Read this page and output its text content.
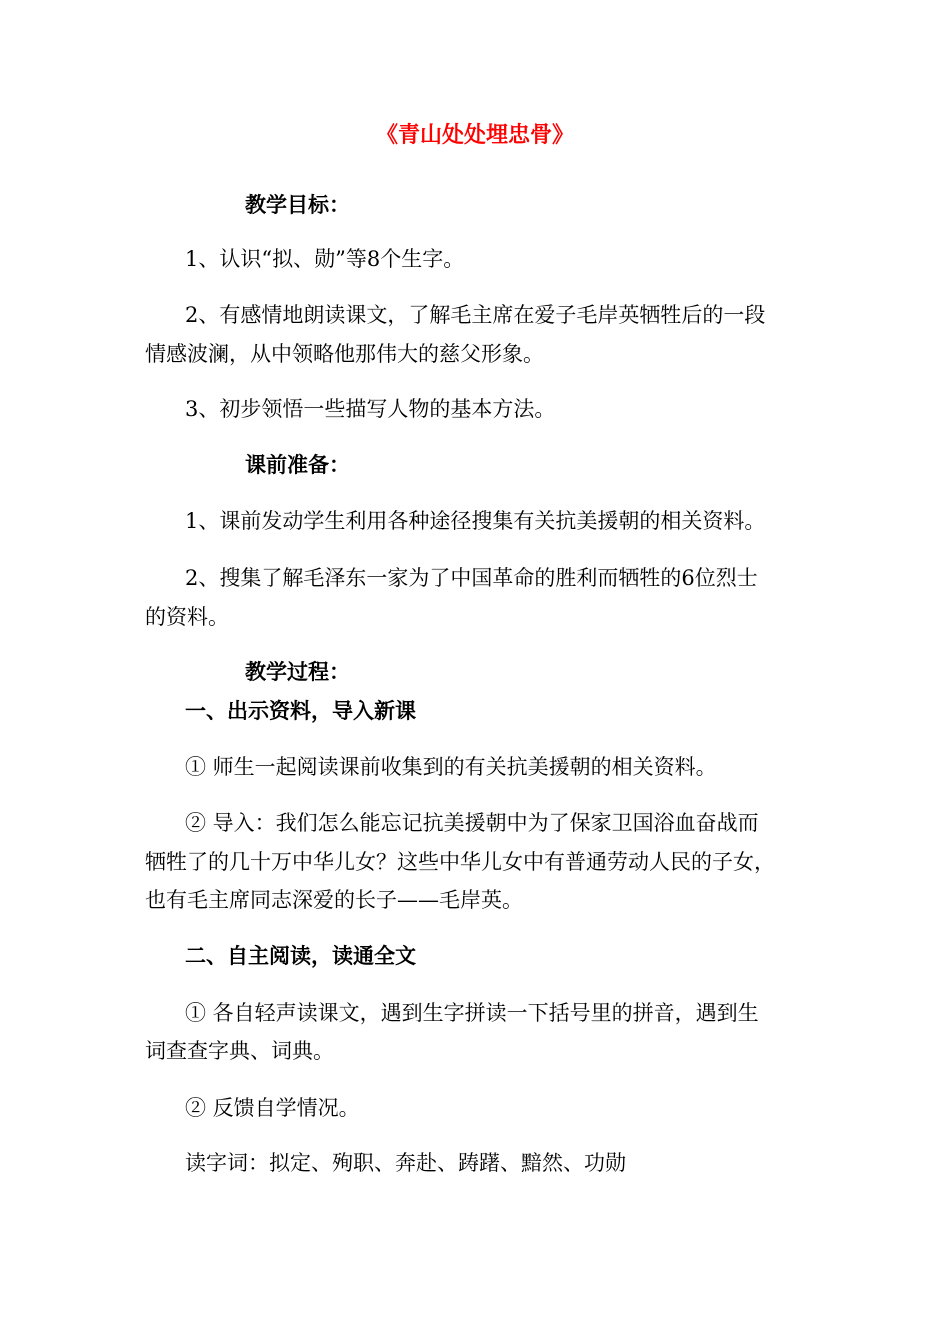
《青山处处埋忠骨》
教学目标：
1、认识“拟、勋”等8个生字。
2、有感情地朗读课文，了解毛主席在爱子毛岸英牺牲后的一段
情感波澜，从中领略他那伟大的慈父形象。
3、初步领悟一些描写人物的基本方法。
课前准备：
1、课前发动学生利用各种途径搜集有关抗美援朝的相关资料。
2、搜集了解毛泽东一家为了中国革命的胜利而牺牲的6位烈士
的资料。
教学过程：
一、出示资料，导入新课
① 师生一起阅读课前收集到的有关抗美援朝的相关资料。
② 导入：我们怎么能忘记抗美援朝中为了保家卫国浴血奋战而
牺牲了的几十万中华儿女？这些中华儿女中有普通劳动人民的子女，
也有毛主席同志深爱的长子——毛岸英。
二、自主阅读，读通全文
① 各自轻声读课文，遇到生字拼读一下括号里的拼音，遇到生
词查查字典、词典。
② 反馈自学情况。
读字词：拟定、殉职、奔赴、踌躇、黯然、功勋
